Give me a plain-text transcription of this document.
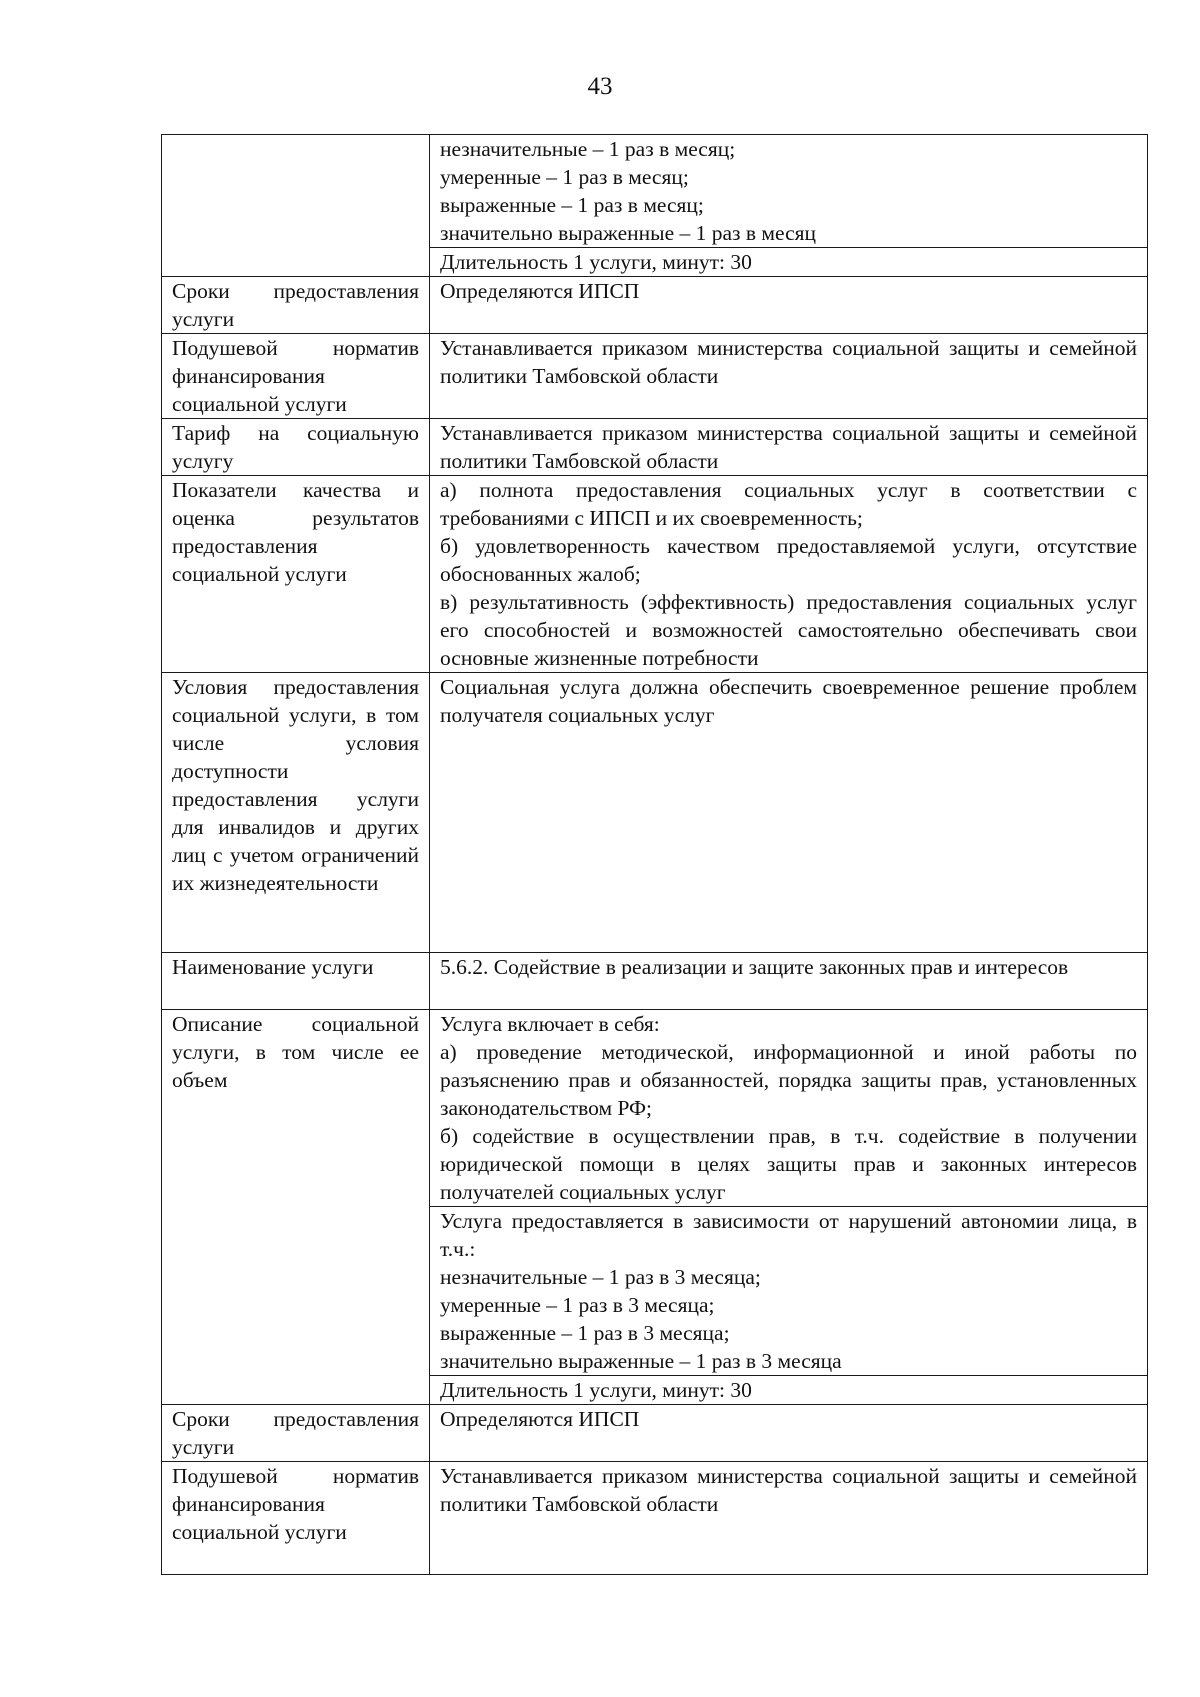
43

	незначительные – 1 раз в месяц;
умеренные – 1 раз в месяц;
выраженные – 1 раз в месяц;
значительно выраженные – 1 раз в месяц

	Длительность 1 услуги, минут: 30
Сроки предоставления услуги	Определяются ИПСП
Подушевой норматив финансирования социальной услуги	Устанавливается приказом министерства социальной защиты и семейной политики Тамбовской области
Тариф на социальную услугу	Устанавливается приказом министерства социальной защиты и семейной политики Тамбовской области
Показатели качества и оценка результатов предоставления социальной услуги	а) полнота предоставления социальных услуг в соответствии с требованиями с ИПСП и их своевременность;
б) удовлетворенность качеством предоставляемой услуги, отсутствие обоснованных жалоб;
в) результативность (эффективность) предоставления социальных услуг его способностей и возможностей самостоятельно обеспечивать свои основные жизненные потребности

Условия предоставления социальной услуги, в том числе условия доступности предоставления услуги для инвалидов и других лиц с учетом ограничений их жизнедеятельности	Социальная услуга должна обеспечить своевременное решение проблем получателя социальных услуг
Наименование услуги	5.6.2. Содействие в реализации и защите законных прав и интересов
Описание социальной услуги, в том числе ее объем	Услуга включает в себя:
а) проведение методической, информационной и иной работы по разъяснению прав и обязанностей, порядка защиты прав, установленных законодательством РФ;
б) содействие в осуществлении прав, в т.ч. содействие в получении юридической помощи в целях защиты прав и законных интересов получателей социальных услуг

	Услуга предоставляется в зависимости от нарушений автономии лица, в т.ч.:
незначительные – 1 раз в 3 месяца;
умеренные – 1 раз в 3 месяца;
выраженные – 1 раз в 3 месяца;
значительно выраженные – 1 раз в 3 месяца

	Длительность 1 услуги, минут: 30
Сроки предоставления услуги	Определяются ИПСП
Подушевой норматив финансирования социальной услуги	Устанавливается приказом министерства социальной защиты и семейной политики Тамбовской области
